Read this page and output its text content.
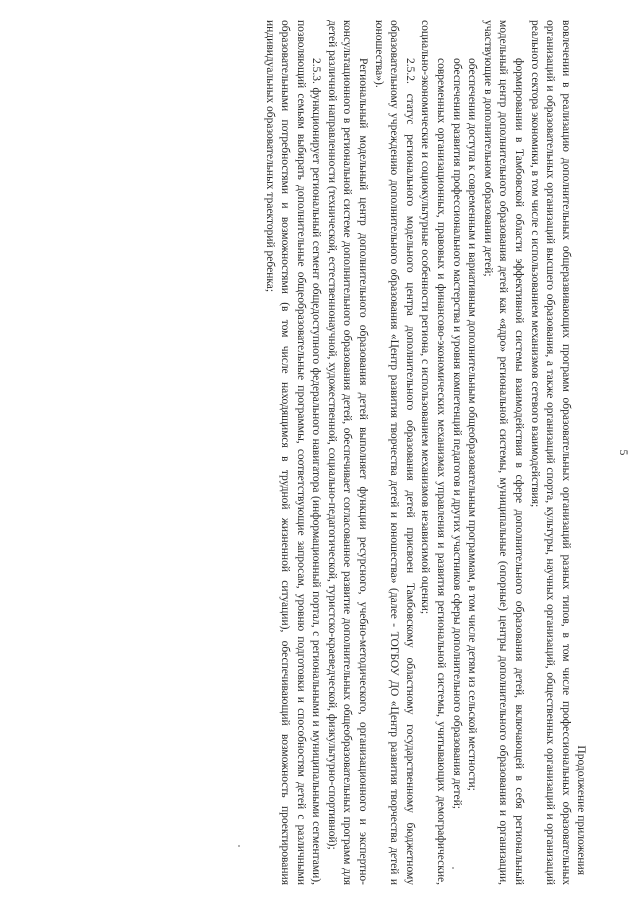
5

Продолжение приложения

вовлечении в реализацию дополнительных общеразвивающих программ образовательных организаций разных типов, в том числе профессиональных образовательных организаций и образовательных организаций высшего образования, а также организаций спорта, культуры, научных организаций, общественных организаций и организаций реального сектора экономики, в том числе с использованием механизмов сетевого взаимодействия;

формировании в Тамбовской области эффективной системы взаимодействия в сфере дополнительного образования детей, включающей в себя региональный модельный центр дополнительного образования детей как «ядро» региональной системы, муниципальные (опорные) центры дополнительного образования и организации, участвующие в дополнительном образовании детей;

обеспечении доступа к современным и вариативным дополнительным общеобразовательным программам, в том числе детям из сельской местности;

обеспечении развития профессионального мастерства и уровня компетенций педагогов и других участников сферы дополнительного образования детей;

современных организационных, правовых и финансово-экономических механизмах управления и развития региональной системы, учитывающих демографические, социально-экономические и социокультурные особенности региона, с использованием механизмов независимой оценки;

2.5.2. статус регионального модельного центра дополнительного образования детей присвоен Тамбовскому областному государственному бюджетному образовательному учреждению дополнительного образования «Центр развития творчества детей и юношества» (далее - ТОГБОУ ДО «Центр развития творчества детей и юношества»).

Региональный модельный центр дополнительного образования детей выполняет функции ресурсного, учебно-методического, организационного и экспертно-консультационного в региональной системе дополнительного образования детей, обеспечивает согласованное развитие дополнительных общеобразовательных программ для детей различной направленности (технической, естественнонаучной, художественной, социально-педагогической, туристско-краеведческой, физкультурно-спортивной);

2.5.3. функционирует региональный сегмент общедоступного федерального навигатора (информационный портал, с региональными и муниципальными сегментами), позволяющий семьям выбирать дополнительные общеобразовательные программы, соответствующие запросам, уровню подготовки и способностям детей с различными образовательными потребностями и возможностями (в том числе находящимся в трудной жизненной ситуации), обеспечивающий возможность проектирования индивидуальных образовательных траекторий ребенка;
